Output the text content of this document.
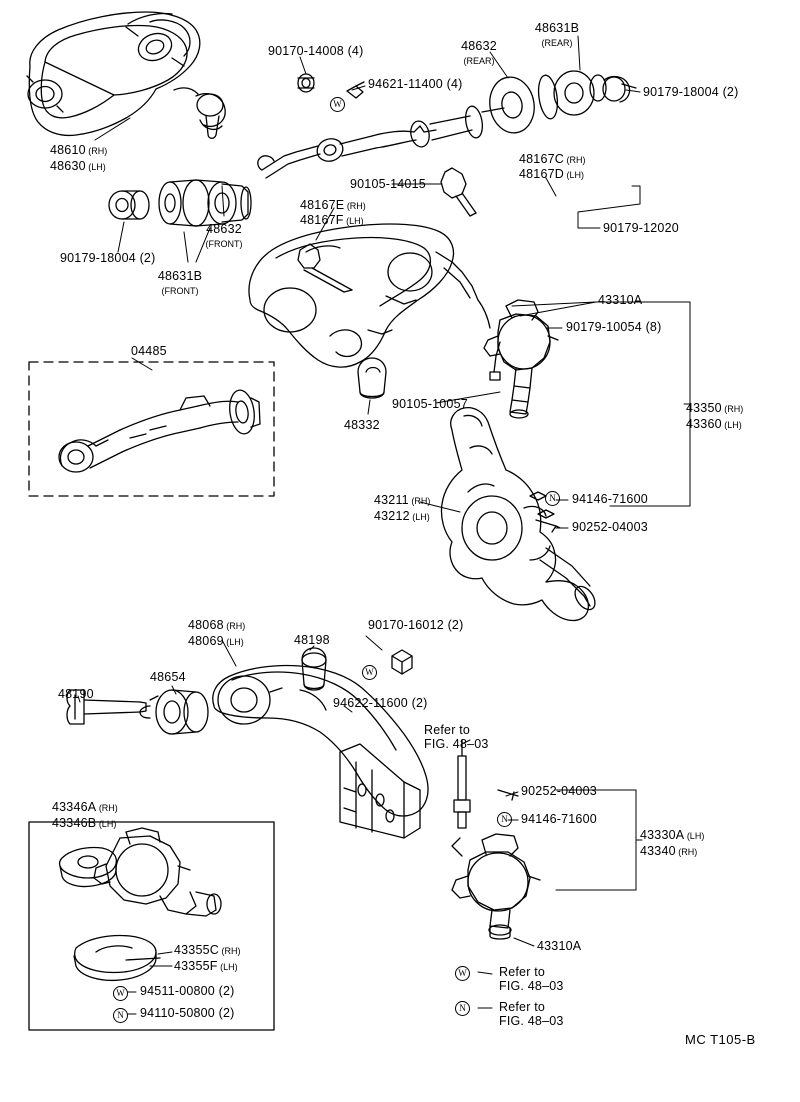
90170-14008 (4)	48632
(REAR)
48631B
(REAR)
94621-11400 (4)
90179-18004 (2)
48610 (RH)
48630 (LH)
90105-14015
48167C (RH)
48167D (LH)
90179-12020
48167E (RH)
48167F (LH)
48632
(FRONT)
90179-18004 (2)
48631B
(FRONT)
04485
43310A
90179-10054 (8)
43350 (RH)
43360 (LH)
90105-10057
48332
43211 (RH)
43212 (LH)
94146-71600
90252-04003
48068 (RH)
48069 (LH)	48198
90170-16012 (2)
48654
48190
94622-11600 (2)
Refer to
FIG. 48–03
90252-04003
94146-71600
43330A (LH)
43340 (RH)
43346A (RH)
43346B (LH)
43355C (RH)
43355F (LH)
94511-00800 (2)
94110-50800 (2)
43310A
Refer to
FIG. 48–03
Refer to
FIG. 48–03
W
N
W
N
W
N
W
N
MC T105-B
